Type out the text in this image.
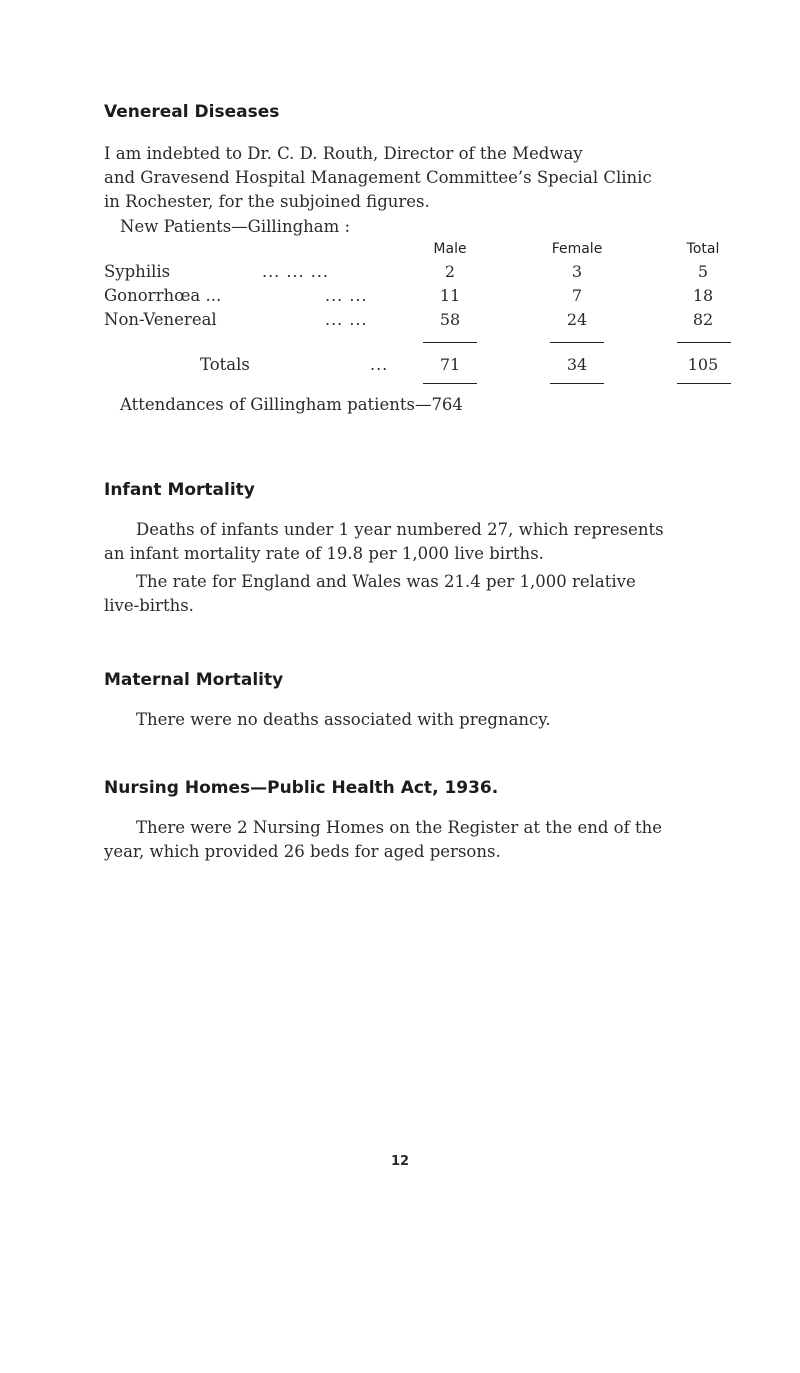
Venereal Diseases

I am indebted to Dr. C. D. Routh, Director of the Medway

and Gravesend Hospital Management Committee’s Special Clinic

in Rochester, for the subjoined figures.

New Patients—Gillingham :

Male	Female	Total
Syphilis	... ... ...	2	3	5
Gonorrhœa ...	... ...	11	7	18
Non-Venereal	... ...	58	24	82
Totals	...	71	34	105

Attendances of Gillingham patients—764

Infant Mortality

Deaths of infants under 1 year numbered 27, which represents

an infant mortality rate of 19.8 per 1,000 live births.

The rate for England and Wales was 21.4 per 1,000 relative

live-births.

Maternal Mortality

There were no deaths associated with pregnancy.

Nursing Homes—Public Health Act, 1936.

There were 2 Nursing Homes on the Register at the end of the

year, which provided 26 beds for aged persons.

12
